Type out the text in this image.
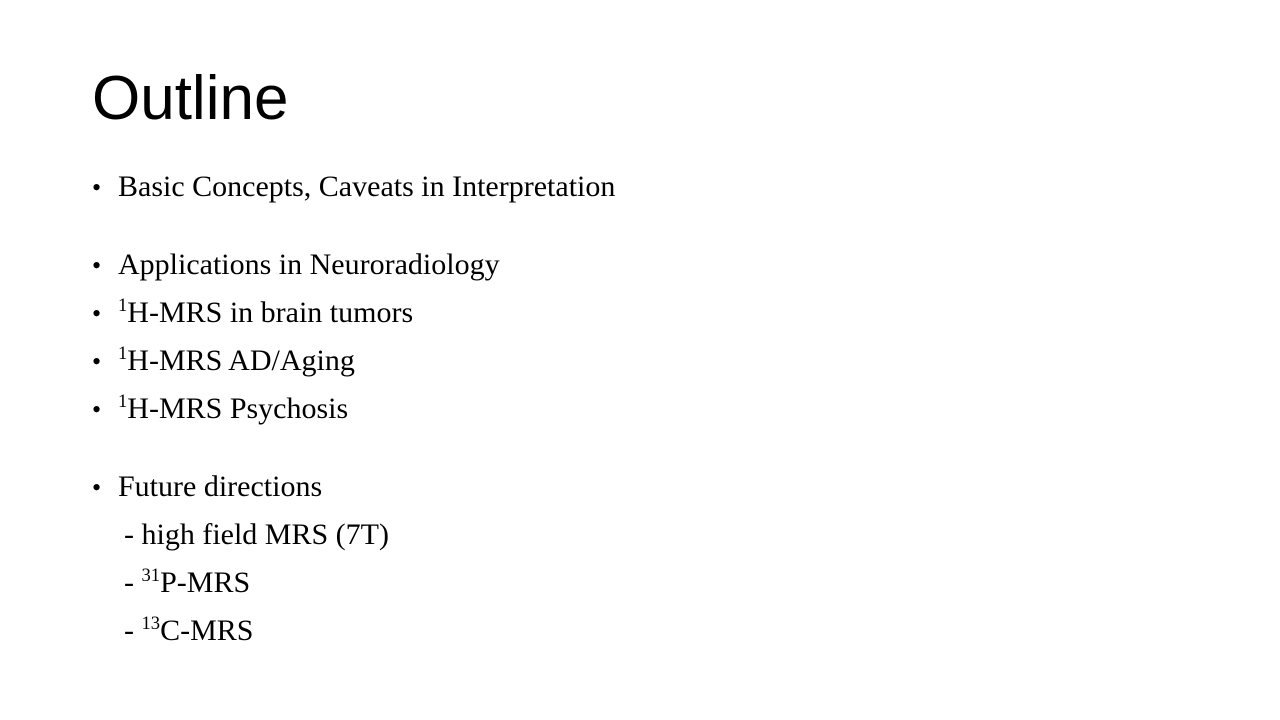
Outline
• Basic Concepts, Caveats in Interpretation
• Applications in Neuroradiology
• $^1$H-MRS in brain tumors
• $^1$H-MRS AD/Aging
• $^1$H-MRS Psychosis
• Future directions
- high field MRS (7T)
- $^{31}$P-MRS
- $^{13}$C-MRS
